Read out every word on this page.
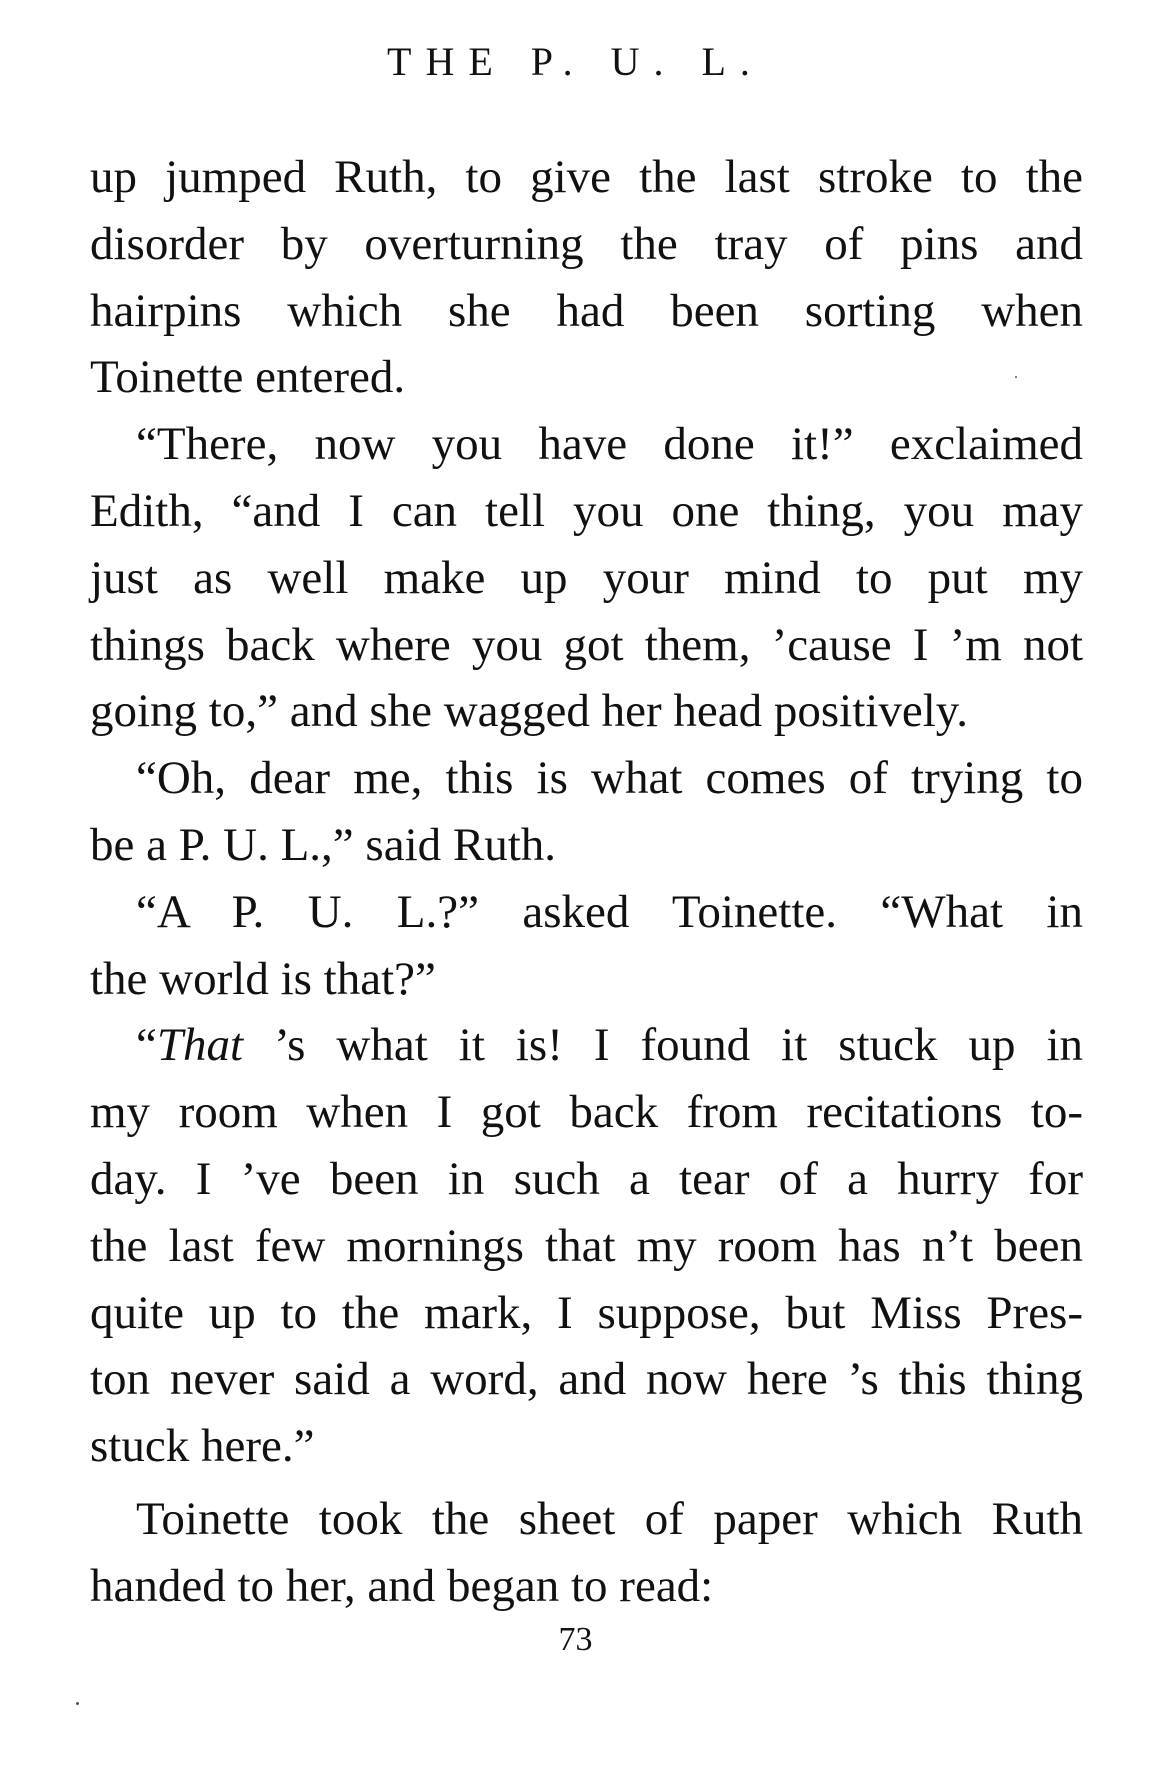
THE P. U. L.
up jumped Ruth, to give the last stroke to the
disorder by overturning the tray of pins and
hairpins which she had been sorting when
Toinette entered.
“There, now you have done it!” exclaimed
Edith, “and I can tell you one thing, you may
just as well make up your mind to put my
things back where you got them, ’cause I ’m not
going to,” and she wagged her head positively.
“Oh, dear me, this is what comes of trying to
be a P. U. L.,” said Ruth.
“A P. U. L.?” asked Toinette. “What in
the world is that?”
“That ’s what it is! I found it stuck up in
my room when I got back from recitations to-
day. I ’ve been in such a tear of a hurry for
the last few mornings that my room has n’t been
quite up to the mark, I suppose, but Miss Pres-
ton never said a word, and now here ’s this thing
stuck here.”
Toinette took the sheet of paper which Ruth
handed to her, and began to read:
73
